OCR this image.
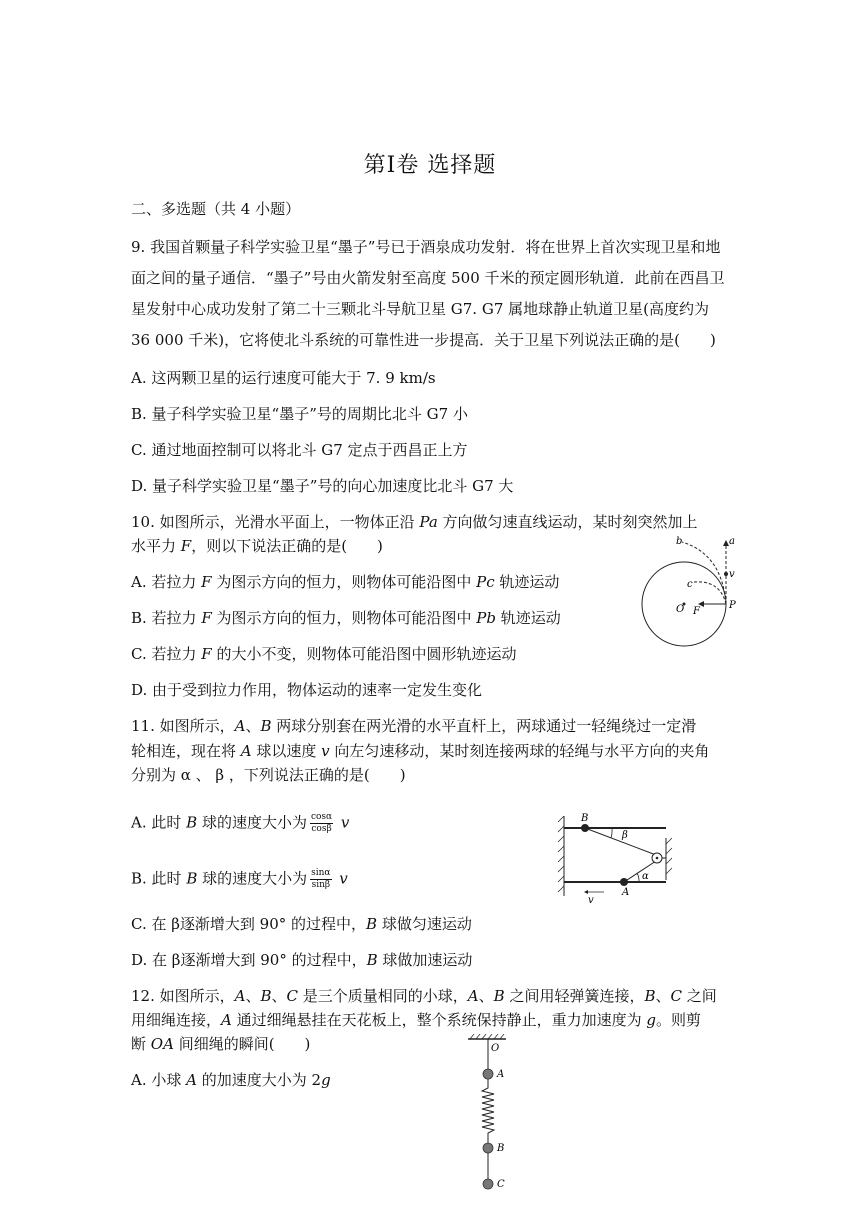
第Ⅰ卷 选择题
二、多选题（共 4 小题）
9. 我国首颗量子科学实验卫星“墨子”号已于酒泉成功发射．将在世界上首次实现卫星和地面之间的量子通信．“墨子”号由火箭发射至高度 500 千米的预定圆形轨道．此前在西昌卫星发射中心成功发射了第二十三颗北斗导航卫星 G7. G7 属地球静止轨道卫星(高度约为 36 000 千米)，它将使北斗系统的可靠性进一步提高．关于卫星下列说法正确的是(　　)
A. 这两颗卫星的运行速度可能大于 7. 9 km/s
B. 量子科学实验卫星“墨子”号的周期比北斗 G7 小
C. 通过地面控制可以将北斗 G7 定点于西昌正上方
D. 量子科学实验卫星“墨子”号的向心加速度比北斗 G7 大
10. 如图所示，光滑水平面上，一物体正沿 Pa 方向做匀速直线运动，某时刻突然加上
水平力 F，则以下说法正确的是(　　)
A. 若拉力 F 为图示方向的恒力，则物体可能沿图中 Pc 轨迹运动
B. 若拉力 F 为图示方向的恒力，则物体可能沿图中 Pb 轨迹运动
C. 若拉力 F 的大小不变，则物体可能沿图中圆形轨迹运动
D. 由于受到拉力作用，物体运动的速率一定发生变化
b	a
v
c
O F
P
11. 如图所示，A、B 两球分别套在两光滑的水平直杆上，两球通过一轻绳绕过一定滑
轮相连，现在将 A 球以速度 v 向左匀速移动，某时刻连接两球的轻绳与水平方向的夹角
分别为 α 、 β ，下列说法正确的是(　　)
A. 此时 B 球的速度大小为 $\frac{\cos\alpha}{\cos\beta}$ v
B. 此时 B 球的速度大小为 $\frac{\sin\alpha}{\sin\beta}$ v
C. 在 β逐渐增大到 90° 的过程中，B 球做匀速运动
D. 在 β逐渐增大到 90° 的过程中，B 球做加速运动
B
β
α
A
v
12. 如图所示，A、B、C 是三个质量相同的小球，A、B 之间用轻弹簧连接，B、C 之间
用细绳连接，A 通过细绳悬挂在天花板上，整个系统保持静止，重力加速度为 g。则剪
断 OA 间细绳的瞬间(　　)
A. 小球 A 的加速度大小为 2g
O
A
B
C
